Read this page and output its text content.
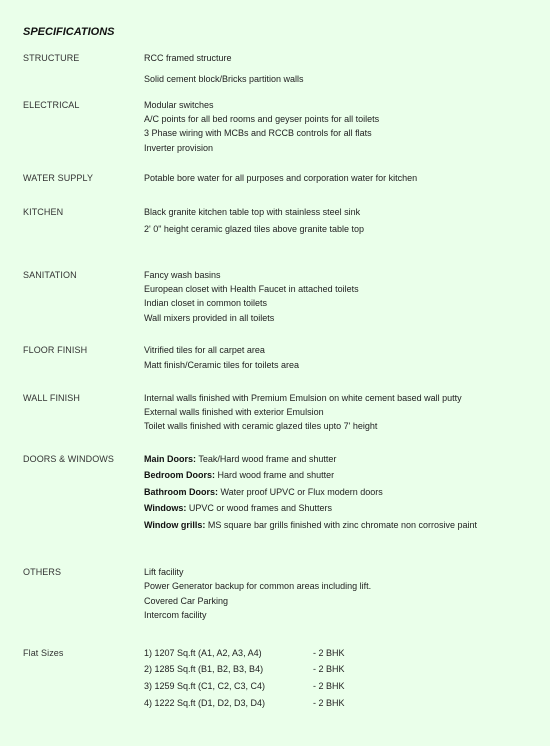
SPECIFICATIONS
STRUCTURE	RCC framed structure
Solid cement block/Bricks partition walls
ELECTRICAL	Modular switches
A/C points for all bed rooms and geyser points for all toilets
3 Phase wiring with MCBs and RCCB controls for all flats
Inverter provision
WATER SUPPLY	Potable bore water for all purposes and corporation water for kitchen
KITCHEN	Black granite kitchen table top with stainless steel sink
2' 0" height ceramic glazed tiles above granite table top
SANITATION	Fancy wash basins
European closet with Health Faucet in attached toilets
Indian closet in common toilets
Wall mixers provided in all toilets
FLOOR FINISH	Vitrified tiles for all carpet area
Matt finish/Ceramic tiles for toilets area
WALL FINISH	Internal walls finished with Premium Emulsion on white cement based wall putty
External walls finished with exterior Emulsion
Toilet walls finished with ceramic glazed tiles upto 7' height
DOORS & WINDOWS	Main Doors: Teak/Hard wood frame and shutter
Bedroom Doors: Hard wood frame and shutter
Bathroom Doors: Water proof UPVC or Flux modern doors
Windows: UPVC or wood frames and Shutters
Window grills: MS square bar grills finished with zinc chromate non corrosive paint
OTHERS	Lift facility
Power Generator backup for common areas including lift.
Covered Car Parking
Intercom facility
Flat Sizes	1) 1207 Sq.ft (A1, A2, A3, A4)	- 2 BHK
2) 1285 Sq.ft (B1, B2, B3, B4)	- 2 BHK
3) 1259 Sq.ft (C1, C2, C3, C4)	- 2 BHK
4) 1222 Sq.ft (D1, D2, D3, D4)	- 2 BHK
